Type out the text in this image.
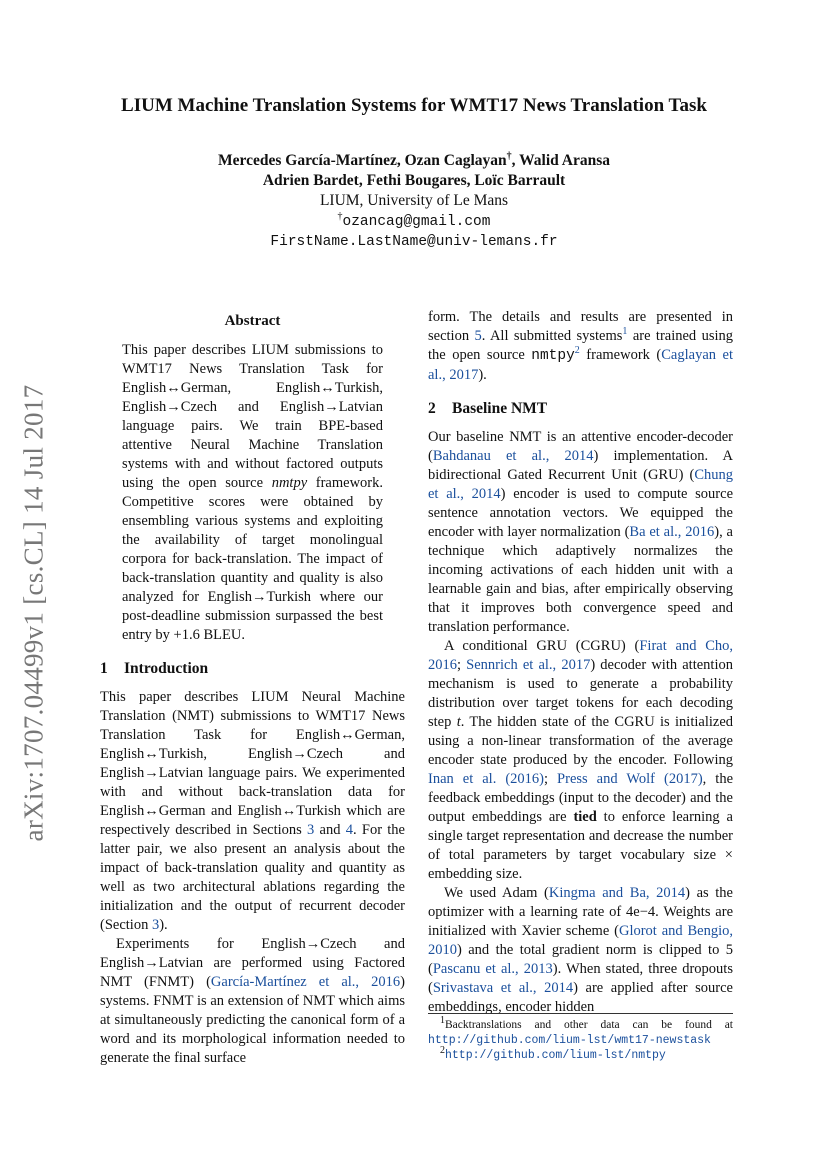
arXiv:1707.04499v1 [cs.CL] 14 Jul 2017
LIUM Machine Translation Systems for WMT17 News Translation Task
Mercedes García-Martínez, Ozan Caglayan†, Walid Aransa
Adrien Bardet, Fethi Bougares, Loïc Barrault
LIUM, University of Le Mans
†ozancag@gmail.com
FirstName.LastName@univ-lemans.fr
Abstract

This paper describes LIUM submissions to WMT17 News Translation Task for English↔German, English↔Turkish, English→Czech and English→Latvian language pairs. We train BPE-based attentive Neural Machine Translation systems with and without factored outputs using the open source nmtpy framework. Competitive scores were obtained by ensembling various systems and exploiting the availability of target monolingual corpora for back-translation. The impact of back-translation quantity and quality is also analyzed for English→Turkish where our post-deadline submission surpassed the best entry by +1.6 BLEU.

1 Introduction

This paper describes LIUM Neural Machine Translation (NMT) submissions to WMT17 News Translation Task for English↔German, English↔Turkish, English→Czech and English→Latvian language pairs. We experimented with and without back-translation data for English↔German and English↔Turkish which are respectively described in Sections 3 and 4. For the latter pair, we also present an analysis about the impact of back-translation quality and quantity as well as two architectural ablations regarding the initialization and the output of recurrent decoder (Section 3).

Experiments for English→Czech and English→Latvian are performed using Factored NMT (FNMT) (García-Martínez et al., 2016) systems. FNMT is an extension of NMT which aims at simultaneously predicting the canonical form of a word and its morphological information needed to generate the final surface

form. The details and results are presented in section 5. All submitted systems$^1$ are trained using the open source nmtpy$^2$ framework (Caglayan et al., 2017).

2 Baseline NMT

Our baseline NMT is an attentive encoder-decoder (Bahdanau et al., 2014) implementation. A bidirectional Gated Recurrent Unit (GRU) (Chung et al., 2014) encoder is used to compute source sentence annotation vectors. We equipped the encoder with layer normalization (Ba et al., 2016), a technique which adaptively normalizes the incoming activations of each hidden unit with a learnable gain and bias, after empirically observing that it improves both convergence speed and translation performance.

A conditional GRU (CGRU) (Firat and Cho, 2016; Sennrich et al., 2017) decoder with attention mechanism is used to generate a probability distribution over target tokens for each decoding step t. The hidden state of the CGRU is initialized using a non-linear transformation of the average encoder state produced by the encoder. Following Inan et al. (2016); Press and Wolf (2017), the feedback embeddings (input to the decoder) and the output embeddings are tied to enforce learning a single target representation and decrease the number of total parameters by target vocabulary size × embedding size.

We used Adam (Kingma and Ba, 2014) as the optimizer with a learning rate of 4e−4. Weights are initialized with Xavier scheme (Glorot and Bengio, 2010) and the total gradient norm is clipped to 5 (Pascanu et al., 2013). When stated, three dropouts (Srivastava et al., 2014) are applied after source embeddings, encoder hidden

$^1$Backtranslations and other data can be found at http://github.com/lium-lst/wmt17-newstask

$^2$http://github.com/lium-lst/nmtpy
